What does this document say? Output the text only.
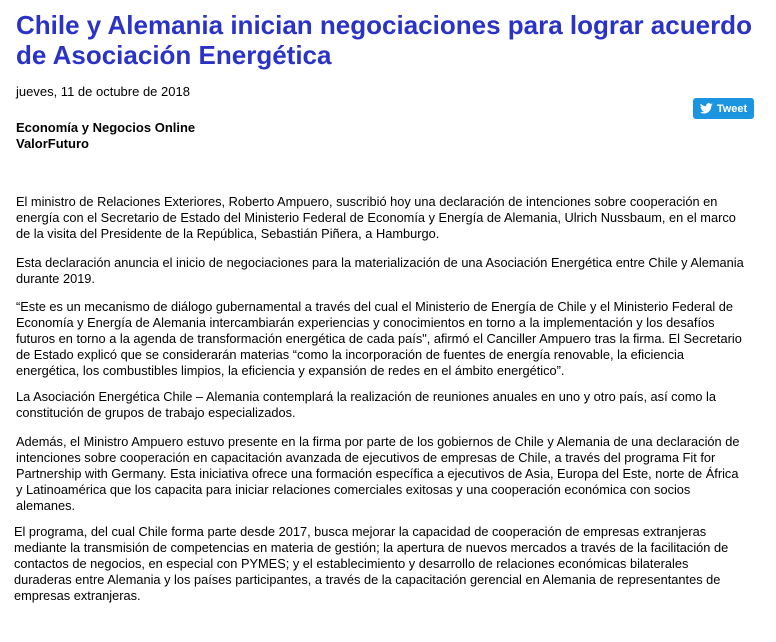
Chile y Alemania inician negociaciones para lograr acuerdo de Asociación Energética
jueves, 11 de octubre de 2018
Tweet
Economía y Negocios Online
ValorFuturo

El ministro de Relaciones Exteriores, Roberto Ampuero, suscribió hoy una declaración de intenciones sobre cooperación en energía con el Secretario de Estado del Ministerio Federal de Economía y Energía de Alemania, Ulrich Nussbaum, en el marco de la visita del Presidente de la República, Sebastián Piñera, a Hamburgo.

Esta declaración anuncia el inicio de negociaciones para la materialización de una Asociación Energética entre Chile y Alemania durante 2019.

“Este es un mecanismo de diálogo gubernamental a través del cual el Ministerio de Energía de Chile y el Ministerio Federal de Economía y Energía de Alemania intercambiarán experiencias y conocimientos en torno a la implementación y los desafíos futuros en torno a la agenda de transformación energética de cada país", afirmó el Canciller Ampuero tras la firma. El Secretario de Estado explicó que se considerarán materias “como la incorporación de fuentes de energía renovable, la eficiencia energética, los combustibles limpios, la eficiencia y expansión de redes en el ámbito energético”.

La Asociación Energética Chile – Alemania contemplará la realización de reuniones anuales en uno y otro país, así como la constitución de grupos de trabajo especializados.

Además, el Ministro Ampuero estuvo presente en la firma por parte de los gobiernos de Chile y Alemania de una declaración de intenciones sobre cooperación en capacitación avanzada de ejecutivos de empresas de Chile, a través del programa Fit for Partnership with Germany. Esta iniciativa ofrece una formación específica a ejecutivos de Asia, Europa del Este, norte de África y Latinoamérica que los capacita para iniciar relaciones comerciales exitosas y una cooperación económica con socios alemanes.

El programa, del cual Chile forma parte desde 2017, busca mejorar la capacidad de cooperación de empresas extranjeras mediante la transmisión de competencias en materia de gestión; la apertura de nuevos mercados a través de la facilitación de contactos de negocios, en especial con PYMES; y el establecimiento y desarrollo de relaciones económicas bilaterales duraderas entre Alemania y los países participantes, a través de la capacitación gerencial en Alemania de representantes de empresas extranjeras.
